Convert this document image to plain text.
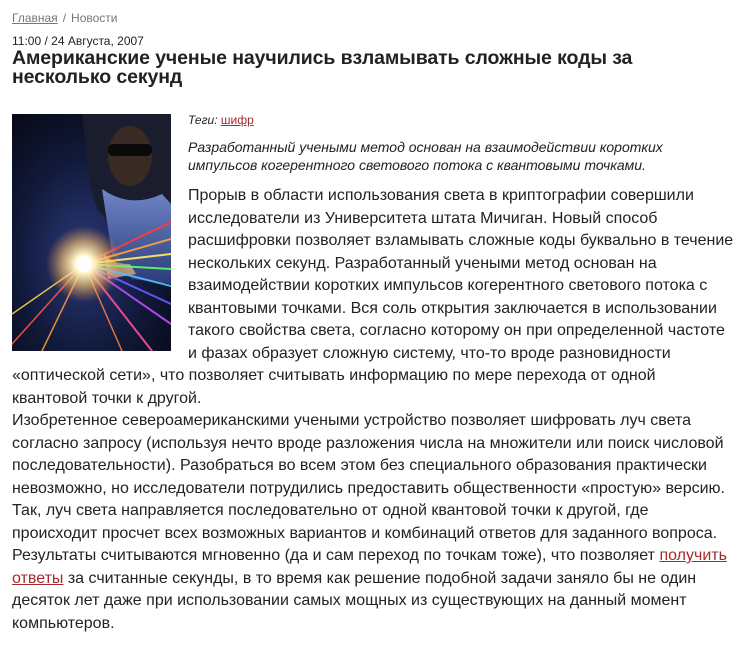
Главная / Новости
11:00 / 24 Августа, 2007
Американские ученые научились взламывать сложные коды за несколько секунд
Теги: шифр
Разработанный учеными метод основан на взаимодействии коротких импульсов когерентного светового потока с квантовыми точками.
Прорыв в области использования света в криптографии совершили исследователи из Университета штата Мичиган. Новый способ расшифровки позволяет взламывать сложные коды буквально в течение нескольких секунд. Разработанный учеными метод основан на взаимодействии коротких импульсов когерентного светового потока с квантовыми точками. Вся соль открытия заключается в использовании такого свойства света, согласно которому он при определенной частоте и фазах образует сложную систему, что-то вроде разновидности «оптической сети», что позволяет считывать информацию по мере перехода от одной квантовой точки к другой.
Изобретенное североамериканскими учеными устройство позволяет шифровать луч света согласно запросу (используя нечто вроде разложения числа на множители или поиск числовой последовательности). Разобраться во всем этом без специального образования практически невозможно, но исследователи потрудились предоставить общественности «простую» версию. Так, луч света направляется последовательно от одной квантовой точки к другой, где происходит просчет всех возможных вариантов и комбинаций ответов для заданного вопроса. Результаты считываются мгновенно (да и сам переход по точкам тоже), что позволяет получить ответы за считанные секунды, в то время как решение подобной задачи заняло бы не один десяток лет даже при использовании самых мощных из существующих на данный момент компьютеров.
